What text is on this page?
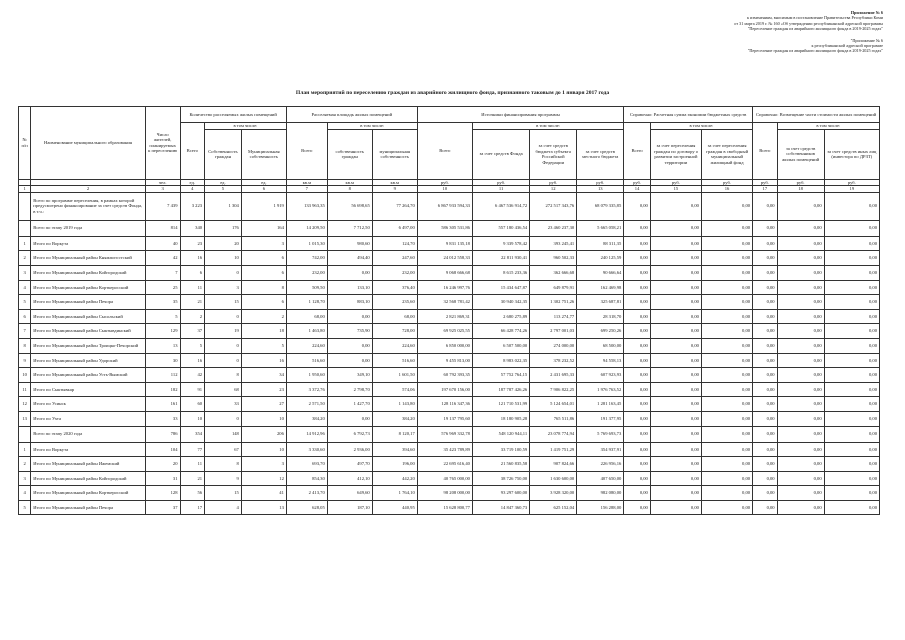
Приложение № 6
к изменениям, вносимым в постановление Правительства Республики Коми
от 31 марта 2019 г. № 160 «Об утверждении республиканской адресной программы
"Переселение граждан из аварийного жилищного фонда в 2019-2025 годах"
"Приложение № 6
к республиканской адресной программе
"Переселение граждан из аварийного жилищного фонда в 2019-2025 годах"
План мероприятий по переселению граждан из аварийного жилищного фонда, признанного таковым до 1 января 2017 года
№ п/п	Наименование муниципального образования	Число жителей, планируемых к переселению	Количество расселяемых жилых помещений			Расселяемая площадь жилых помещений			Источники финансирования программы				Справочно: Расчетная сумма экономии бюджетных средств			Справочно: Возмещение части стоимости жилых помещений		
			Всего	в том числе:		Всего	в том числе:		Всего	в том числе:			Всего	в том числе:		Всего	в том числе:	
				Собственность граждан	Муниципальная собственность		собственность граждан	муниципальная собственность		за счет средств Фонда	за счет средств бюджета субъекта Российской Федерации	за счет средств местного бюджета		за счет переселения граждан по договору о развитии застроенной территории	за счет переселения граждан в свободный муниципальный жилищный фонд		за счет средств собственников жилых помещений	за счет средств иных лиц (инвестора по ДРЗТ)
		чел.	ед.	ед.	ед.	кв.м	кв.м	кв.м	руб.	руб.	руб.	руб.	руб.	руб.	руб.	руб.	руб.	руб.
1	2	3	4	5	6	7	8	9	10	11	12	13	14	15	16	17	18	19
	Всего по программе переселения, в рамках которой предусмотрено финансирование за счет средств Фонда, в т.ч.:	7 439	3 223	1 304	1 919	133 963,35	56 698,65	77 264,70	6 867 933 594,33	6 467 536 914,72	272 517 343,76	68 079 335,85	0,00	0,00	0,00	0,00	0,00	0,00
	Всего по этапу 2019 года	814	340	176	164	14 209,50	7 712,50	6 497,00	586 305 531,86	557 180 436,54	23 460 237,30	5 665 058,21	0,00	0,00	0,00	0,00	0,00	0,00
1	Итого по Воркута	40	23	20	3	1 015,30	980,60	124,70	9 831 135,18	9 339 578,42	393 245,41	88 311,35	0,00	0,00	0,00	0,00	0,00	0,00
2	Итого по Муниципальный район Княжпогостский	42	16	10	6	742,00	494,40	247,60	24 012 558,33	22 811 930,41	960 502,33	240 125,59	0,00	0,00	0,00	0,00	0,00	0,00
3	Итого по Муниципальный район Койгородский	7	6	0	6	232,00	0,00	232,00	9 068 666,68	8 615 233,36	362 666,68	90 666,64	0,00	0,00	0,00	0,00	0,00	0,00
4	Итого по Муниципальный район Корткеросский	25	11	3	8	509,50	133,10	376,40	16 246 997,76	15 434 647,87	649 879,91	162 469,98	0,00	0,00	0,00	0,00	0,00	0,00
5	Итого по Муниципальный район Печора	35	21	15	6	1 128,70	883,10	235,60	32 568 781,42	30 940 342,35	1 302 751,26	325 687,81	0,00	0,00	0,00	0,00	0,00	0,00
6	Итого по Муниципальный район Сысольский	5	2	0	2	68,00	0,00	68,00	2 821 869,31	2 680 275,89	113 274,77	28 318,70	0,00	0,00	0,00	0,00	0,00	0,00
7	Итого по Муниципальный район Сыктывдинский	129	37	19	18	1 463,80	735,90	728,00	69 925 025,55	66 428 774,26	2 797 001,03	699 250,26	0,00	0,00	0,00	0,00	0,00	0,00
8	Итого по Муниципальный район Троицко-Печорский	13	5	0	5	224,60	0,00	224,60	6 850 000,00	6 507 500,00	274 000,00	68 500,00	0,00	0,00	0,00	0,00	0,00	0,00
9	Итого по Муниципальный район Удорский	30	16	0	16	516,60	0,00	516,60	9 455 813,00	8 983 022,35	378 232,52	94 558,13	0,00	0,00	0,00	0,00	0,00	0,00
10	Итого по Муниципальный район Усть-Вымский	112	42	8	34	1 950,60	349,10	1 601,50	60 792 393,35	57 752 764,15	2 431 695,33	607 923,93	0,00	0,00	0,00	0,00	0,00	0,00
11	Итого по Сыктывкар	182	91	68	23	3 372,76	2 798,70	574,06	197 670 156,00	187 787 426,26	7 906 822,25	1 976 763,52	0,00	0,00	0,00	0,00	0,00	0,00
12	Итого по Усинск	161	60	33	27	2 571,50	1 427,70	1 143,80	128 116 347,36	121 710 531,99	5 124 654,01	1 281 163,45	0,00	0,00	0,00	0,00	0,00	0,00
13	Итого по Ухта	33	10	0	10	384,20	0,00	384,20	19 137 795,60	18 180 905,28	765 511,86	191 377,95	0,00	0,00	0,00	0,00	0,00	0,00
	Всего по этапу 2020 года	786	354	148	206	14 912,96	6 792,73	8 120,17	576 969 332,78	548 120 944,11	23 078 774,94	5 769 693,73	0,00	0,00	0,00	0,00	0,00	0,00
1	Итого по Воркута	104	77	67	10	3 330,60	2 936,00	394,60	35 423 789,89	33 719 100,59	1 419 751,29	354 937,91	0,00	0,00	0,00	0,00	0,00	0,00
2	Итого по Муниципальный район Ижемский	20	11	8	3	693,70	497,70	196,00	22 695 616,40	21 560 835,58	907 824,66	226 956,16	0,00	0,00	0,00	0,00	0,00	0,00
3	Итого по Муниципальный район Койгородский	31	21	9	12	854,30	412,10	442,20	40 765 000,00	38 726 750,00	1 630 600,00	407 650,00	0,00	0,00	0,00	0,00	0,00	0,00
4	Итого по Муниципальный район Корткеросский	128	56	15	41	2 413,70	649,60	1 764,10	98 208 000,00	93 297 600,00	3 928 320,00	982 080,00	0,00	0,00	0,00	0,00	0,00	0,00
5	Итого по Муниципальный район Печора	37	17	4	13	628,05	187,10	440,95	15 628 800,77	14 847 360,73	625 152,04	156 288,00	0,00	0,00	0,00	0,00	0,00	0,00
